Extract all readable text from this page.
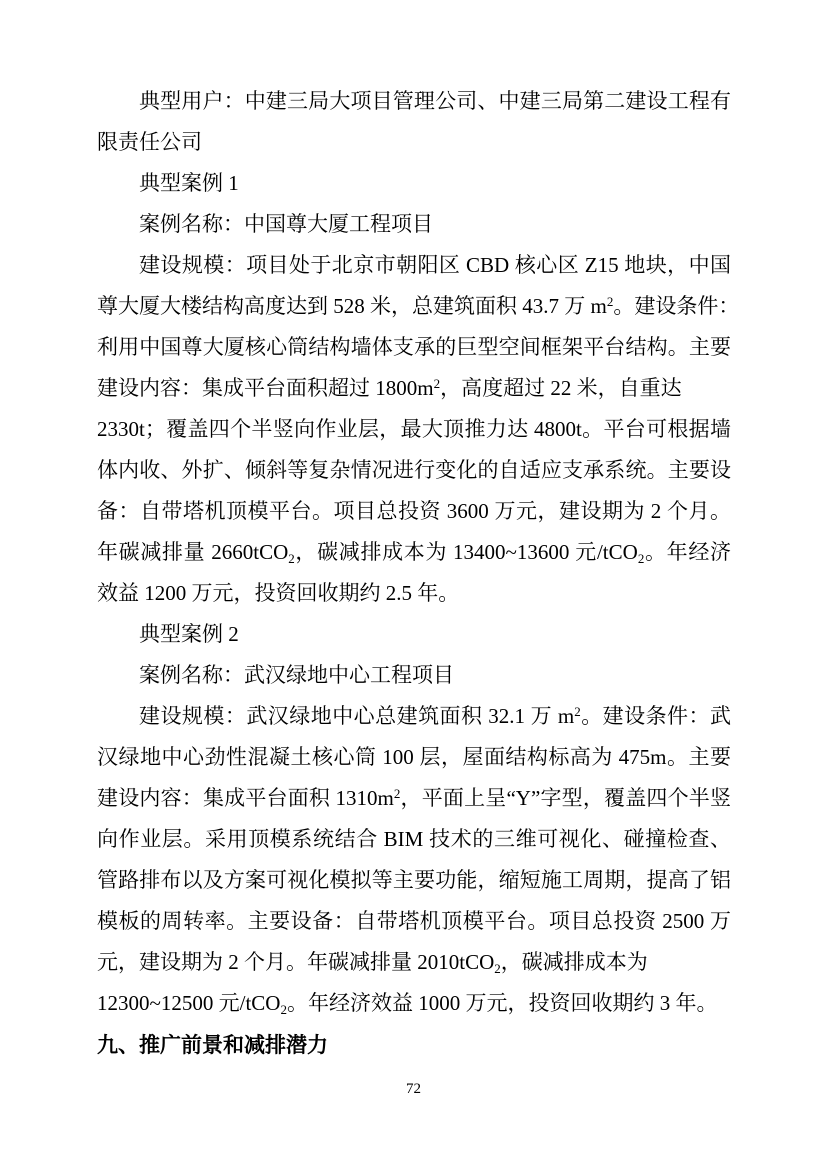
典型用户：中建三局大项目管理公司、中建三局第二建设工程有
限责任公司
典型案例 1
案例名称：中国尊大厦工程项目
建设规模：项目处于北京市朝阳区 CBD 核心区 Z15 地块，中国
尊大厦大楼结构高度达到 528 米，总建筑面积 43.7 万 $m^2$。建设条件：
利用中国尊大厦核心筒结构墙体支承的巨型空间框架平台结构。主要
建设内容：集成平台面积超过 $1800m^2$，高度超过 22 米，自重达
2330t；覆盖四个半竖向作业层，最大顶推力达 4800t。平台可根据墙
体内收、外扩、倾斜等复杂情况进行变化的自适应支承系统。主要设
备：自带塔机顶模平台。项目总投资 3600 万元，建设期为 2 个月。
年碳减排量 2660tCO2，碳减排成本为 13400~13600 元/tCO2。年经济
效益 1200 万元，投资回收期约 2.5 年。
典型案例 2
案例名称：武汉绿地中心工程项目
建设规模：武汉绿地中心总建筑面积 32.1 万 $m^2$。建设条件：武
汉绿地中心劲性混凝土核心筒 100 层，屋面结构标高为 475m。主要
建设内容：集成平台面积 $1310m^2$，平面上呈“Y”字型，覆盖四个半竖
向作业层。采用顶模系统结合 BIM 技术的三维可视化、碰撞检查、
管路排布以及方案可视化模拟等主要功能，缩短施工周期，提高了铝
模板的周转率。主要设备：自带塔机顶模平台。项目总投资 2500 万
元，建设期为 2 个月。年碳减排量 2010tCO2，碳减排成本为
12300~12500 元/tCO2。年经济效益 1000 万元，投资回收期约 3 年。
九、推广前景和减排潜力
72
